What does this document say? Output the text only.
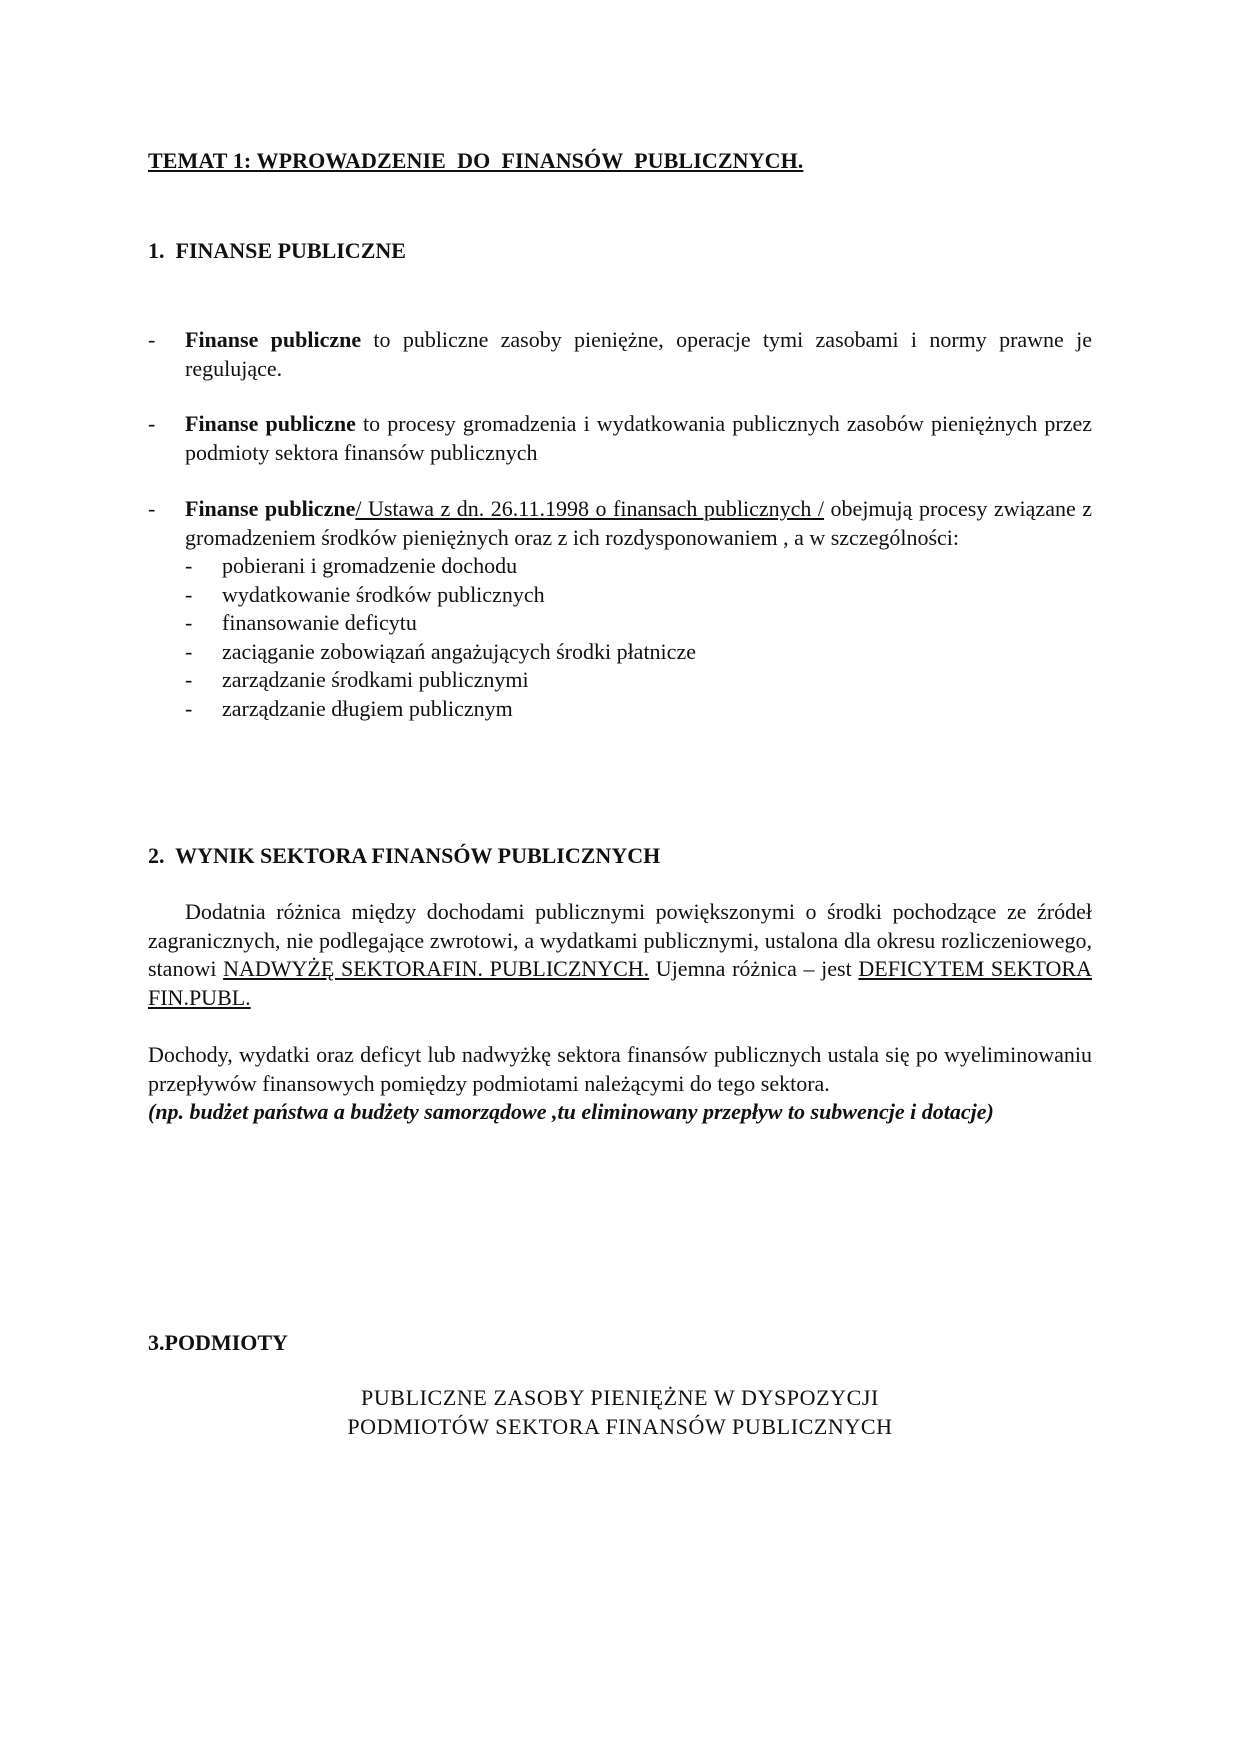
TEMAT 1: WPROWADZENIE  DO  FINANSÓW  PUBLICZNYCH.
1.  FINANSE PUBLICZNE
- Finanse publiczne to publiczne zasoby pieniężne, operacje tymi zasobami i normy prawne je regulujące.
- Finanse publiczne to procesy gromadzenia i wydatkowania publicznych zasobów pieniężnych przez podmioty sektora finansów publicznych
- Finanse publiczne/ Ustawa z dn. 26.11.1998 o finansach publicznych / obejmują procesy związane z gromadzeniem środków pieniężnych oraz z ich rozdysponowaniem , a w szczególności:
- pobierani i gromadzenie dochodu
- wydatkowanie środków publicznych
- finansowanie deficytu
- zaciąganie zobowiązań angażujących środki płatnicze
- zarządzanie środkami publicznymi
- zarządzanie długiem publicznym
2.  WYNIK SEKTORA FINANSÓW PUBLICZNYCH
Dodatnia różnica między dochodami publicznymi powiększonymi o środki pochodzące ze źródeł zagranicznych, nie podlegające zwrotowi, a wydatkami publicznymi, ustalona dla okresu rozliczeniowego, stanowi NADWYŻĘ SEKTORAFIN. PUBLICZNYCH. Ujemna różnica – jest DEFICYTEM SEKTORA FIN.PUBL.
Dochody, wydatki oraz deficyt lub nadwyżkę sektora finansów publicznych ustala się po wyeliminowaniu przepływów finansowych pomiędzy podmiotami należącymi do tego sektora.
(np. budżet państwa a budżety samorządowe ,tu eliminowany przepływ to subwencje i dotacje)
3.PODMIOTY
PUBLICZNE ZASOBY PIENIĘŻNE W DYSPOZYCJI
PODMIOTÓW SEKTORA FINANSÓW PUBLICZNYCH
